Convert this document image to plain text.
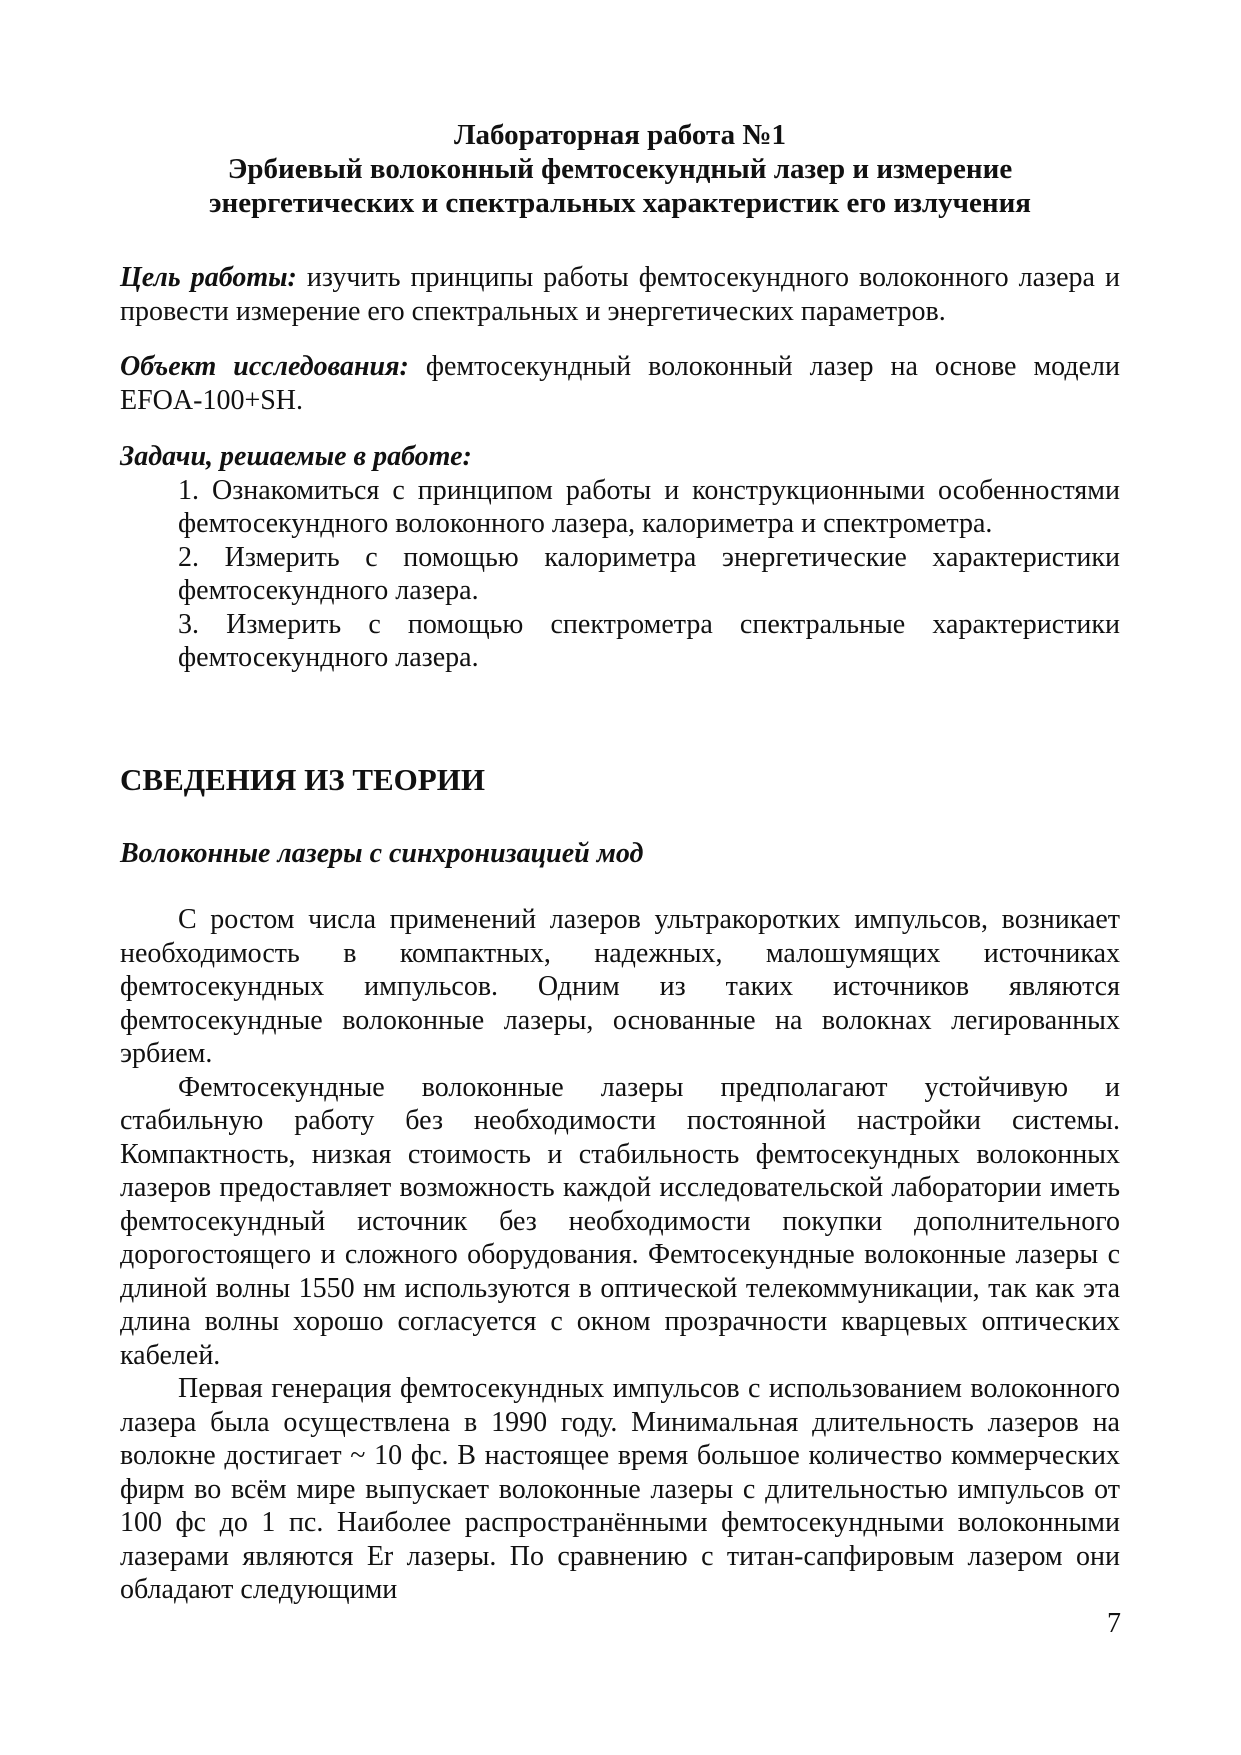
Лабораторная работа №1
Эрбиевый волоконный фемтосекундный лазер и измерение
энергетических и спектральных характеристик его излучения

Цель работы: изучить принципы работы фемтосекундного волоконного лазера и провести измерение его спектральных и энергетических параметров.

Объект исследования: фемтосекундный волоконный лазер на основе модели EFOA-100+SH.

Задачи, решаемые в работе:

1. Ознакомиться с принципом работы и конструкционными особенностями фемтосекундного волоконного лазера, калориметра и спектрометра.

2. Измерить с помощью калориметра энергетические характеристики фемтосекундного лазера.

3. Измерить с помощью спектрометра спектральные характеристики фемтосекундного лазера.

СВЕДЕНИЯ ИЗ ТЕОРИИ
Волоконные лазеры с синхронизацией мод

С ростом числа применений лазеров ультракоротких импульсов, возникает необходимость в компактных, надежных, малошумящих источниках фемтосекундных импульсов. Одним из таких источников являются фемтосекундные волоконные лазеры, основанные на волокнах легированных эрбием.

Фемтосекундные волоконные лазеры предполагают устойчивую и стабильную работу без необходимости постоянной настройки системы. Компактность, низкая стоимость и стабильность фемтосекундных волоконных лазеров предоставляет возможность каждой исследовательской лаборатории иметь фемтосекундный источник без необходимости покупки дополнительного дорогостоящего и сложного оборудования. Фемтосекундные волоконные лазеры с длиной волны 1550 нм используются в оптической телекоммуникации, так как эта длина волны хорошо согласуется с окном прозрачности кварцевых оптических кабелей.

Первая генерация фемтосекундных импульсов с использованием волоконного лазера была осуществлена в 1990 году. Минимальная длительность лазеров на волокне достигает ~ 10 фс. В настоящее время большое количество коммерческих фирм во всём мире выпускает волоконные лазеры с длительностью импульсов от 100 фс до 1 пс. Наиболее распространёнными фемтосекундными волоконными лазерами являются Er лазеры. По сравнению с титан-сапфировым лазером они обладают следующими

7
